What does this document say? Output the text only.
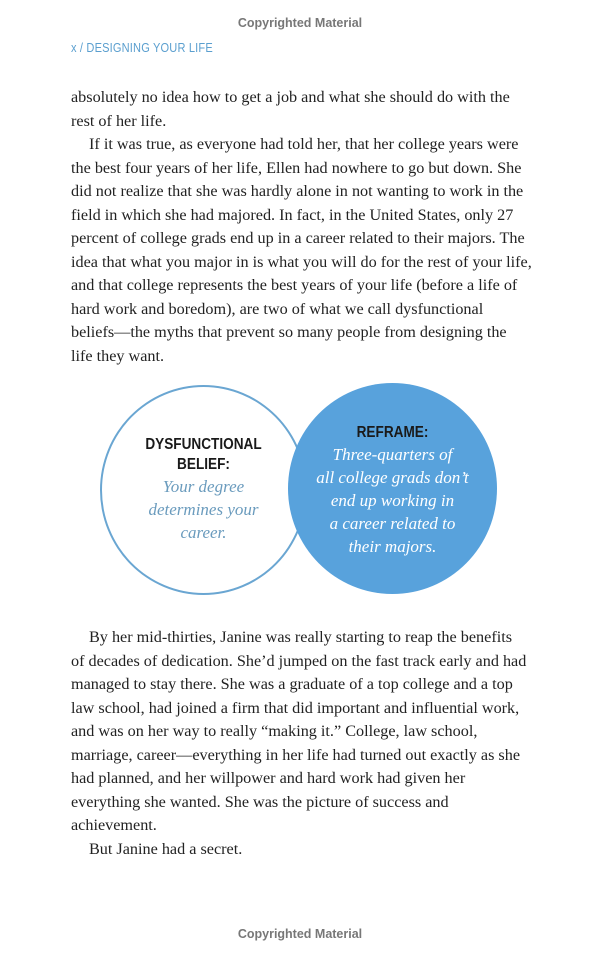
Copyrighted Material
x / DESIGNING YOUR LIFE
absolutely no idea how to get a job and what she should do with the
rest of her life.
If it was true, as everyone had told her, that her college years were
the best four years of her life, Ellen had nowhere to go but down. She
did not realize that she was hardly alone in not wanting to work in the
field in which she had majored. In fact, in the United States, only 27
percent of college grads end up in a career related to their majors. The
idea that what you major in is what you will do for the rest of your life,
and that college represents the best years of your life (before a life of
hard work and boredom), are two of what we call dysfunctional
beliefs—the myths that prevent so many people from designing the
life they want.
DYSFUNCTIONAL
BELIEF:
Your degree
determines your
career.
REFRAME:
Three-quarters of
all college grads don’t
end up working in
a career related to
their majors.
By her mid-thirties, Janine was really starting to reap the benefits
of decades of dedication. She’d jumped on the fast track early and had
managed to stay there. She was a graduate of a top college and a top
law school, had joined a firm that did important and influential work,
and was on her way to really “making it.” College, law school,
marriage, career—everything in her life had turned out exactly as she
had planned, and her willpower and hard work had given her
everything she wanted. She was the picture of success and
achievement.
But Janine had a secret.
Copyrighted Material
